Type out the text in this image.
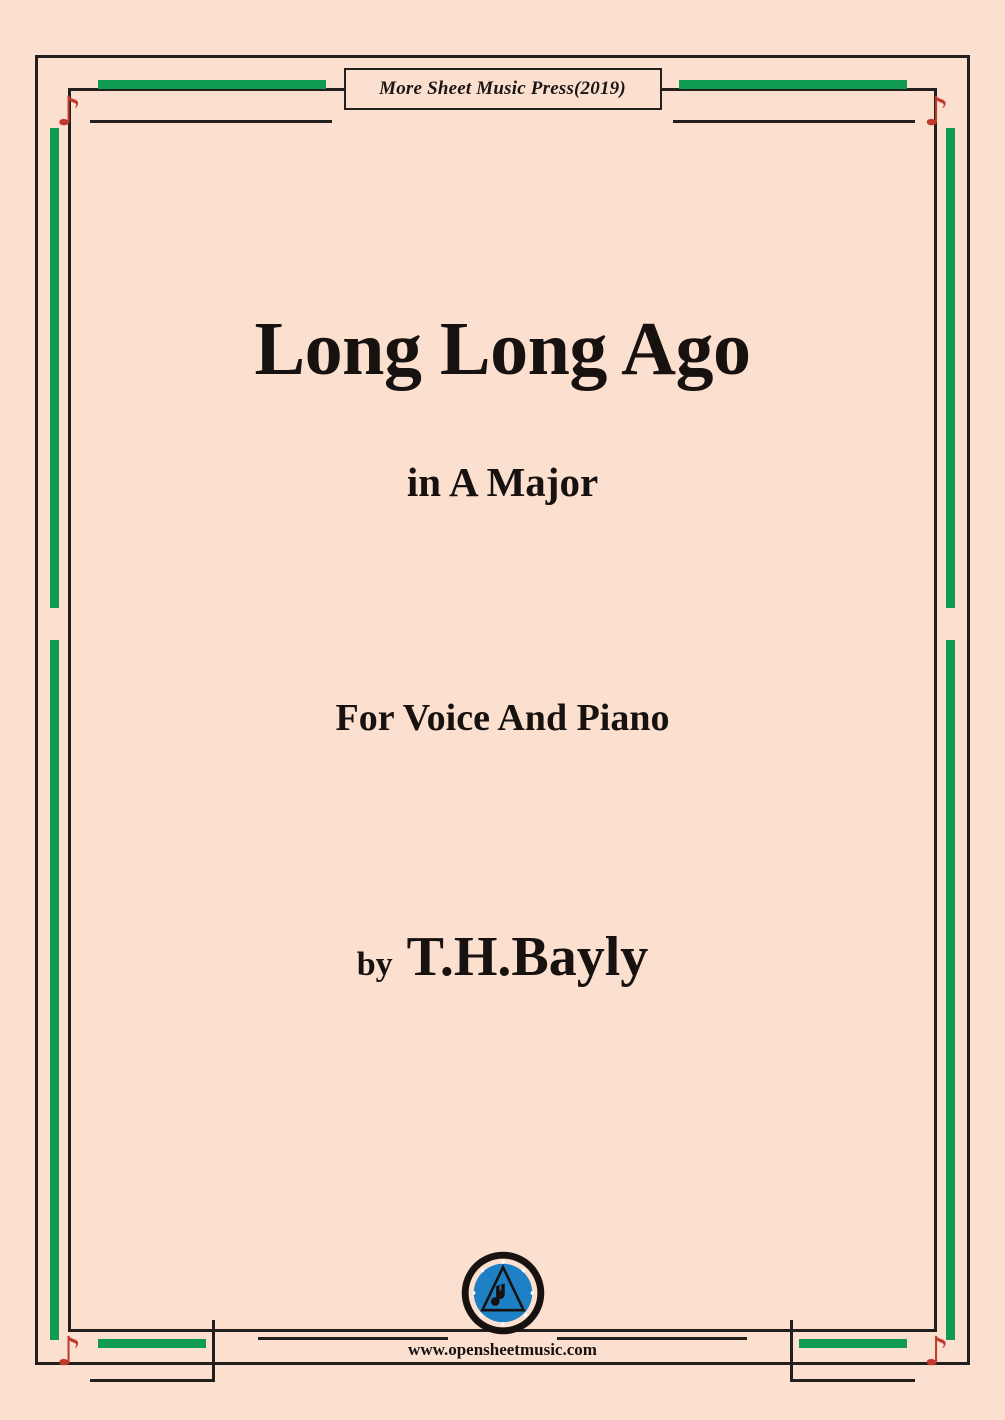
♪	♪
♪	♪
More Sheet Music Press(2019)
Long Long Ago
in A Major
For Voice And Piano
by T.H.Bayly
www.opensheetmusic.com
